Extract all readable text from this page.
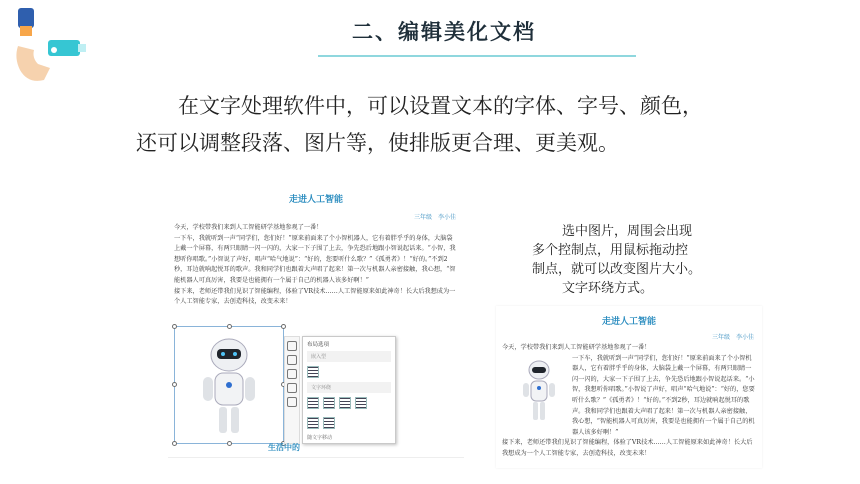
二、编辑美化文档

在文字处理软件中，可以设置文本的字体、字号、颜色，

还可以调整段落、图片等，使排版更合理、更美观。

走进人工智能
三年级　李小佳
今天，学校带我们来到人工智能研学基地参观了一番！
一下车，我就听到一声“同学们，您们好！”原来前面来了个小智机器人，它有着胖乎乎的身体，大脑袋上戴一个屏幕，有两只眼睛一闪一闪的，大家一下子围了上去，争先恐后地跟小智说起话来。“小智，我想听你唱歌。”小智说了声好，唱声“哈气地说”：“好的，您要听什么歌？”《孤勇者》！“好的。”不到2秒，耳边就响起悦耳的歌声。我和同学们也跟着大声唱了起来！第一次与机器人亲密接触，我心想，“智能机器人可真厉害，我要是也能拥有一个属于自己的机器人该多好啊！”
接下来，老师还带我们见识了智能编程，体验了VR技术……人工智能原来如此神奇！长大后我想成为一个人工智能专家，去创造科技，改变未来！
布局选项
嵌入型
文字环绕
随文字移动
生活中的
选中图片，周围会出现
多个控制点，用鼠标拖动控
制点，就可以改变图片大小。
文字环绕方式。
走进人工智能
三年级　李小佳
今天，学校带我们来到人工智能研学基地参观了一番！
一下车，我就听到一声“同学们，您们好！”原来前面来了个小智机器人，它有着胖乎乎的身体，大脑袋上戴一个屏幕，有两只眼睛一闪一闪的，大家一下子围了上去，争先恐后地跟小智说起话来。“小智，我想听你唱歌。”小智说了声好，唱声“哈气地说”：“好的，您要听什么歌？”《孤勇者》！“好的。”不到2秒，耳边就响起悦耳的歌声。我和同学们也跟着大声唱了起来！第一次与机器人亲密接触，我心想，“智能机器人可真厉害，我要是也能拥有一个属于自己的机器人该多好啊！”
接下来，老师还带我们见识了智能编程，体验了VR技术……人工智能原来如此神奇！长大后我想成为一个人工智能专家，去创造科技，改变未来！
